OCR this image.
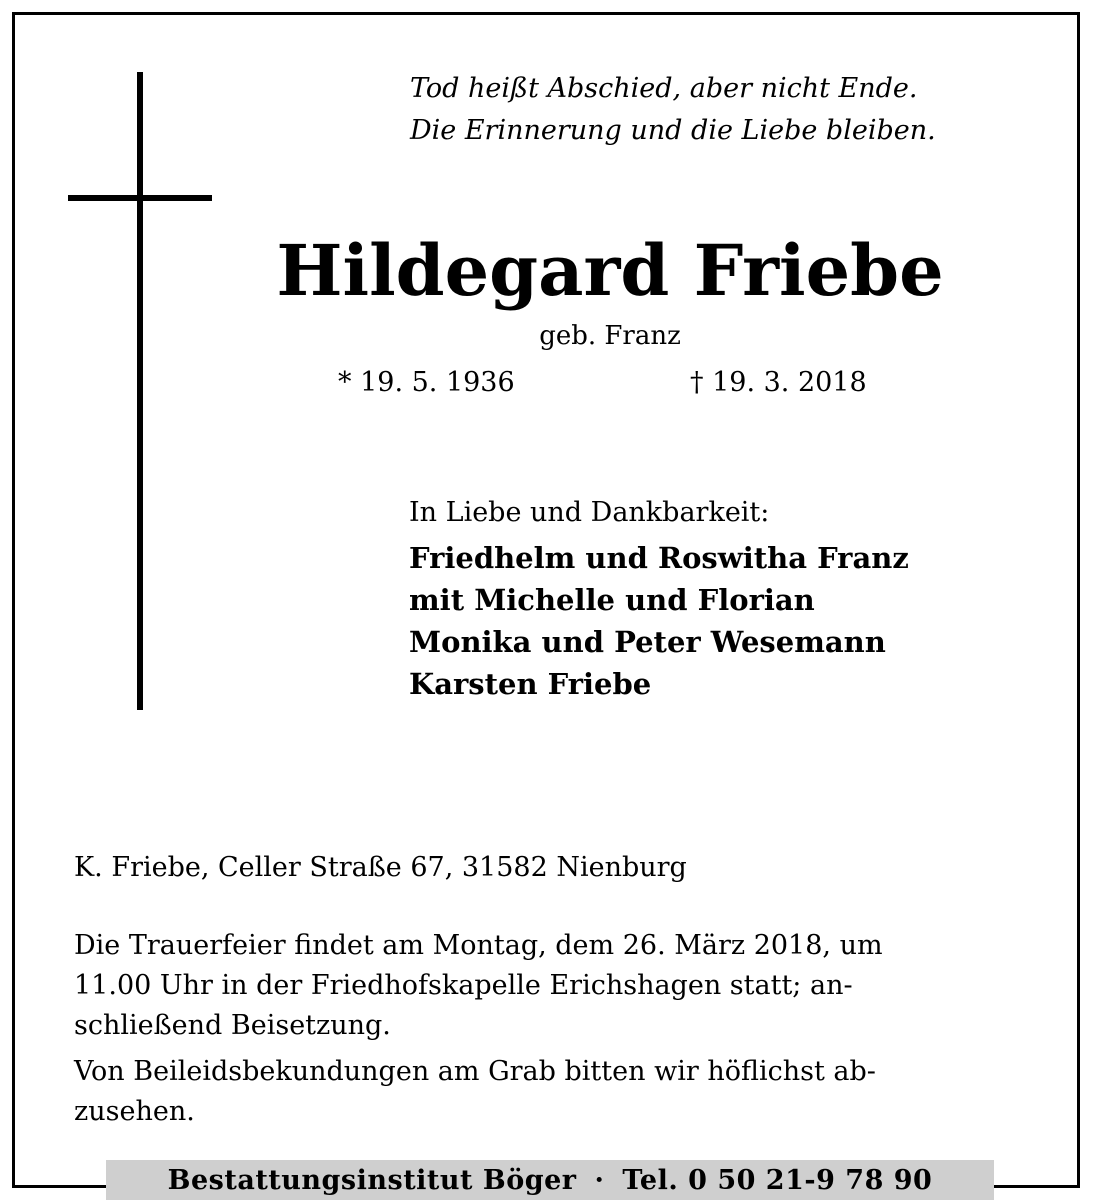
Tod heißt Abschied, aber nicht Ende.
Die Erinnerung und die Liebe bleiben.
Hildegard Friebe
geb. Franz
* 19. 5. 1936	† 19. 3. 2018
In Liebe und Dankbarkeit:
Friedhelm und Roswitha Franz
mit Michelle und Florian
Monika und Peter Wesemann
Karsten Friebe
K. Friebe, Celler Straße 67, 31582 Nienburg
Die Trauerfeier findet am Montag, dem 26. März 2018, um
11.00 Uhr in der Friedhofskapelle Erichshagen statt; an-
schließend Beisetzung.
Von Beileidsbekundungen am Grab bitten wir höflichst ab-
zusehen.
Bestattungsinstitut Böger · Tel. 0 50 21-9 78 90
